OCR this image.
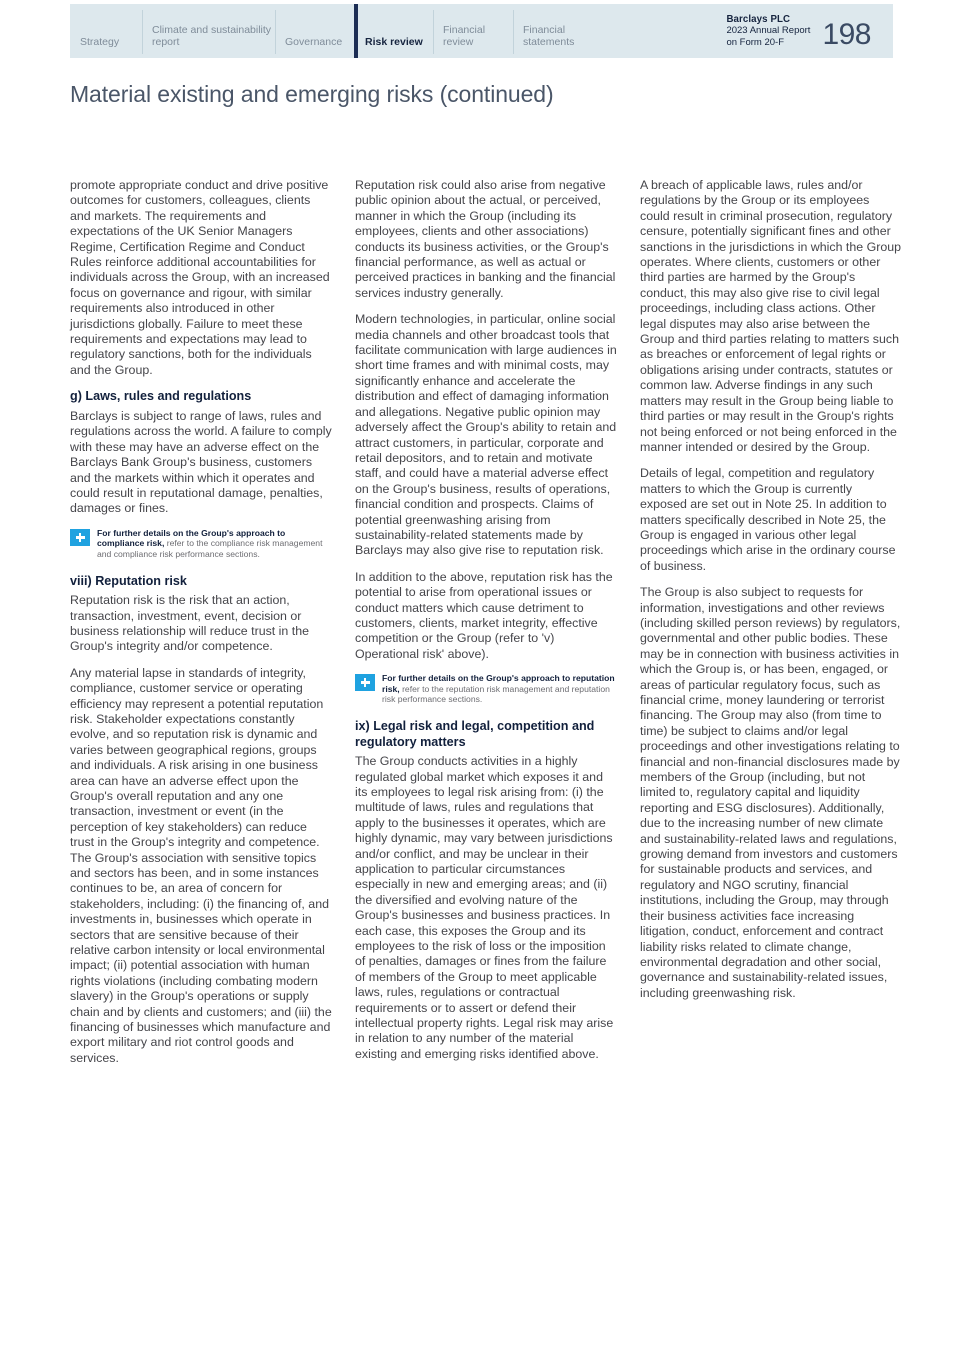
Strategy
Climate and sustainability report	Governance Risk review
Financial review
Financial statements
Barclays PLC
2023 Annual Report
on Form 20-F	198
Material existing and emerging risks (continued)

promote appropriate conduct and drive positive outcomes for customers, colleagues, clients and markets. The requirements and expectations of the UK Senior Managers Regime, Certification Regime and Conduct Rules reinforce additional accountabilities for individuals across the Group, with an increased focus on governance and rigour, with similar requirements also introduced in other jurisdictions globally. Failure to meet these requirements and expectations may lead to regulatory sanctions, both for the individuals and the Group.

g) Laws, rules and regulations

Barclays is subject to range of laws, rules and regulations across the world. A failure to comply with these may have an adverse effect on the Barclays Bank Group's business, customers and the markets within which it operates and could result in reputational damage, penalties, damages or fines.

For further details on the Group's approach to compliance risk, refer to the compliance risk management and compliance risk performance sections.
viii) Reputation risk

Reputation risk is the risk that an action, transaction, investment, event, decision or business relationship will reduce trust in the Group's integrity and/or competence.

Any material lapse in standards of integrity, compliance, customer service or operating efficiency may represent a potential reputation risk. Stakeholder expectations constantly evolve, and so reputation risk is dynamic and varies between geographical regions, groups and individuals. A risk arising in one business area can have an adverse effect upon the Group's overall reputation and any one transaction, investment or event (in the perception of key stakeholders) can reduce trust in the Group's integrity and competence. The Group's association with sensitive topics and sectors has been, and in some instances continues to be, an area of concern for stakeholders, including: (i) the financing of, and investments in, businesses which operate in sectors that are sensitive because of their relative carbon intensity or local environmental impact; (ii) potential association with human rights violations (including combating modern slavery) in the Group's operations or supply chain and by clients and customers; and (iii) the financing of businesses which manufacture and export military and riot control goods and services.

Reputation risk could also arise from negative public opinion about the actual, or perceived, manner in which the Group (including its employees, clients and other associations) conducts its business activities, or the Group's financial performance, as well as actual or perceived practices in banking and the financial services industry generally.

Modern technologies, in particular, online social media channels and other broadcast tools that facilitate communication with large audiences in short time frames and with minimal costs, may significantly enhance and accelerate the distribution and effect of damaging information and allegations. Negative public opinion may adversely affect the Group's ability to retain and attract customers, in particular, corporate and retail depositors, and to retain and motivate staff, and could have a material adverse effect on the Group's business, results of operations, financial condition and prospects. Claims of potential greenwashing arising from sustainability-related statements made by Barclays may also give rise to reputation risk.

In addition to the above, reputation risk has the potential to arise from operational issues or conduct matters which cause detriment to customers, clients, market integrity, effective competition or the Group (refer to 'v) Operational risk' above).

For further details on the Group's approach to reputation risk, refer to the reputation risk management and reputation risk performance sections.
ix) Legal risk and legal, competition and regulatory matters

The Group conducts activities in a highly regulated global market which exposes it and its employees to legal risk arising from: (i) the multitude of laws, rules and regulations that apply to the businesses it operates, which are highly dynamic, may vary between jurisdictions and/or conflict, and may be unclear in their application to particular circumstances especially in new and emerging areas; and (ii) the diversified and evolving nature of the Group's businesses and business practices. In each case, this exposes the Group and its employees to the risk of loss or the imposition of penalties, damages or fines from the failure of members of the Group to meet applicable laws, rules, regulations or contractual requirements or to assert or defend their intellectual property rights. Legal risk may arise in relation to any number of the material existing and emerging risks identified above.

A breach of applicable laws, rules and/or regulations by the Group or its employees could result in criminal prosecution, regulatory censure, potentially significant fines and other sanctions in the jurisdictions in which the Group operates. Where clients, customers or other third parties are harmed by the Group's conduct, this may also give rise to civil legal proceedings, including class actions. Other legal disputes may also arise between the Group and third parties relating to matters such as breaches or enforcement of legal rights or obligations arising under contracts, statutes or common law. Adverse findings in any such matters may result in the Group being liable to third parties or may result in the Group's rights not being enforced or not being enforced in the manner intended or desired by the Group.

Details of legal, competition and regulatory matters to which the Group is currently exposed are set out in Note 25. In addition to matters specifically described in Note 25, the Group is engaged in various other legal proceedings which arise in the ordinary course of business.

The Group is also subject to requests for information, investigations and other reviews (including skilled person reviews) by regulators, governmental and other public bodies. These may be in connection with business activities in which the Group is, or has been, engaged, or areas of particular regulatory focus, such as financial crime, money laundering or terrorist financing. The Group may also (from time to time) be subject to claims and/or legal proceedings and other investigations relating to financial and non-financial disclosures made by members of the Group (including, but not limited to, regulatory capital and liquidity reporting and ESG disclosures). Additionally, due to the increasing number of new climate and sustainability-related laws and regulations, growing demand from investors and customers for sustainable products and services, and regulatory and NGO scrutiny, financial institutions, including the Group, may through their business activities face increasing litigation, conduct, enforcement and contract liability risks related to climate change, environmental degradation and other social, governance and sustainability-related issues, including greenwashing risk.
